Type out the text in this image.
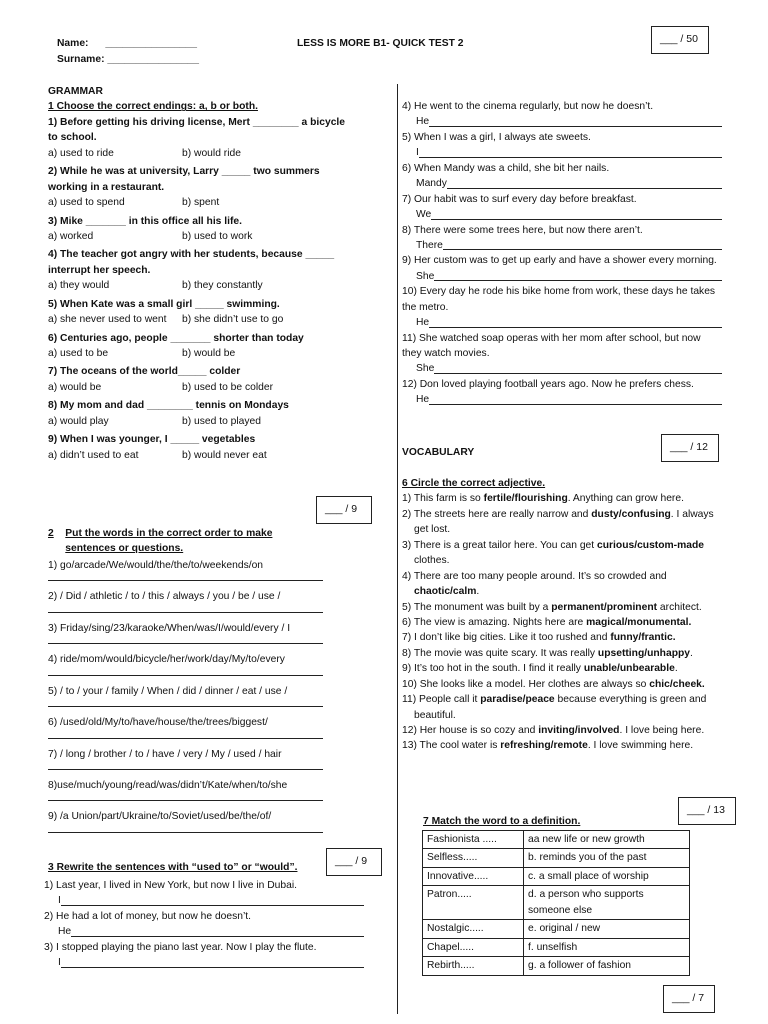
Name: ________________
Surname: ________________
LESS IS MORE B1- QUICK TEST 2	___ / 50

GRAMMAR

1 Choose the correct endings: a, b or both.

1) Before getting his driving license, Mert ________ a bicycle to school.

a) used to ride	b) would ride

2) While he was at university, Larry _____ two summers working in a restaurant.

a) used to spend	b) spent

3) Mike _______ in this office all his life.

a) worked	b) used to work

4) The teacher got angry with her students, because _____ interrupt her speech.

a) they would	b) they constantly

5) When Kate was a small girl _____ swimming.

a) she never used to went	b) she didn’t use to go

6) Centuries ago, people _______ shorter than today

a) used to be	b) would be

7) The oceans of the world_____ colder

a) would be	b) used to be colder

8) My mom and dad ________ tennis on Mondays

a) would play	b) used to played

9) When I was younger, I _____ vegetables

a) didn’t used to eat	b) would never eat
___ / 9
2	Put the words in the correct order to make sentences or questions.

1) go/arcade/We/would/the/the/to/weekends/on

2) / Did / athletic / to / this / always / you / be / use /

3) Friday/sing/23/karaoke/When/was/I/would/every / I

4) ride/mom/would/bicycle/her/work/day/My/to/every

5) / to / your / family / When / did / dinner / eat / use /

6) /used/old/My/to/have/house/the/trees/biggest/

7) / long / brother / to / have / very / My / used / hair

8)use/much/young/read/was/didn’t/Kate/when/to/she

9) /a Union/part/Ukraine/to/Soviet/used/be/the/of/

3 Rewrite the sentences with “used to” or “would”.
___ / 9

1) Last year, I lived in New York, but now I live in Dubai.

I

2) He had a lot of money, but now he doesn’t.

He

3) I stopped playing the piano last year. Now I play the flute.

I

4) He went to the cinema regularly, but now he doesn’t.

He

5) When I was a girl, I always ate sweets.

I

6) When Mandy was a child, she bit her nails.

Mandy

7) Our habit was to surf every day before breakfast.

We

8) There were some trees here, but now there aren’t.

There

9) Her custom was to get up early and have a shower every morning.

She

10) Every day he rode his bike home from work, these days he takes the metro.

He

11) She watched soap operas with her mom after school, but now they watch movies.

She

12) Don loved playing football years ago. Now he prefers chess.

He
VOCABULARY	___ / 12

6 Circle the correct adjective.

1) This farm is so fertile/flourishing. Anything can grow here.

2) The streets here are really narrow and dusty/confusing. I always get lost.

3) There is a great tailor here. You can get curious/custom-made clothes.

4) There are too many people around. It’s so crowded and chaotic/calm.

5) The monument was built by a permanent/prominent architect.

6) The view is amazing. Nights here are magical/monumental.

7) I don’t like big cities. Like it too rushed and funny/frantic.

8) The movie was quite scary. It was really upsetting/unhappy.

9) It’s too hot in the south. I find it really unable/unbearable.

10) She looks like a model. Her clothes are always so chic/cheek.

11) People call it paradise/peace because everything is green and beautiful.

12) Her house is so cozy and inviting/involved. I love being here.

13) The cool water is refreshing/remote. I love swimming here.

___ / 13
7 Match the word to a definition.
Fashionista .....	aa new life or new growth
Selfless.....	b. reminds you of the past
Innovative.....	c. a small place of worship
Patron.....	d. a person who supports someone else
Nostalgic.....	e. original / new
Chapel.....	f. unselfish
Rebirth.....	g. a follower of fashion
___ / 7
